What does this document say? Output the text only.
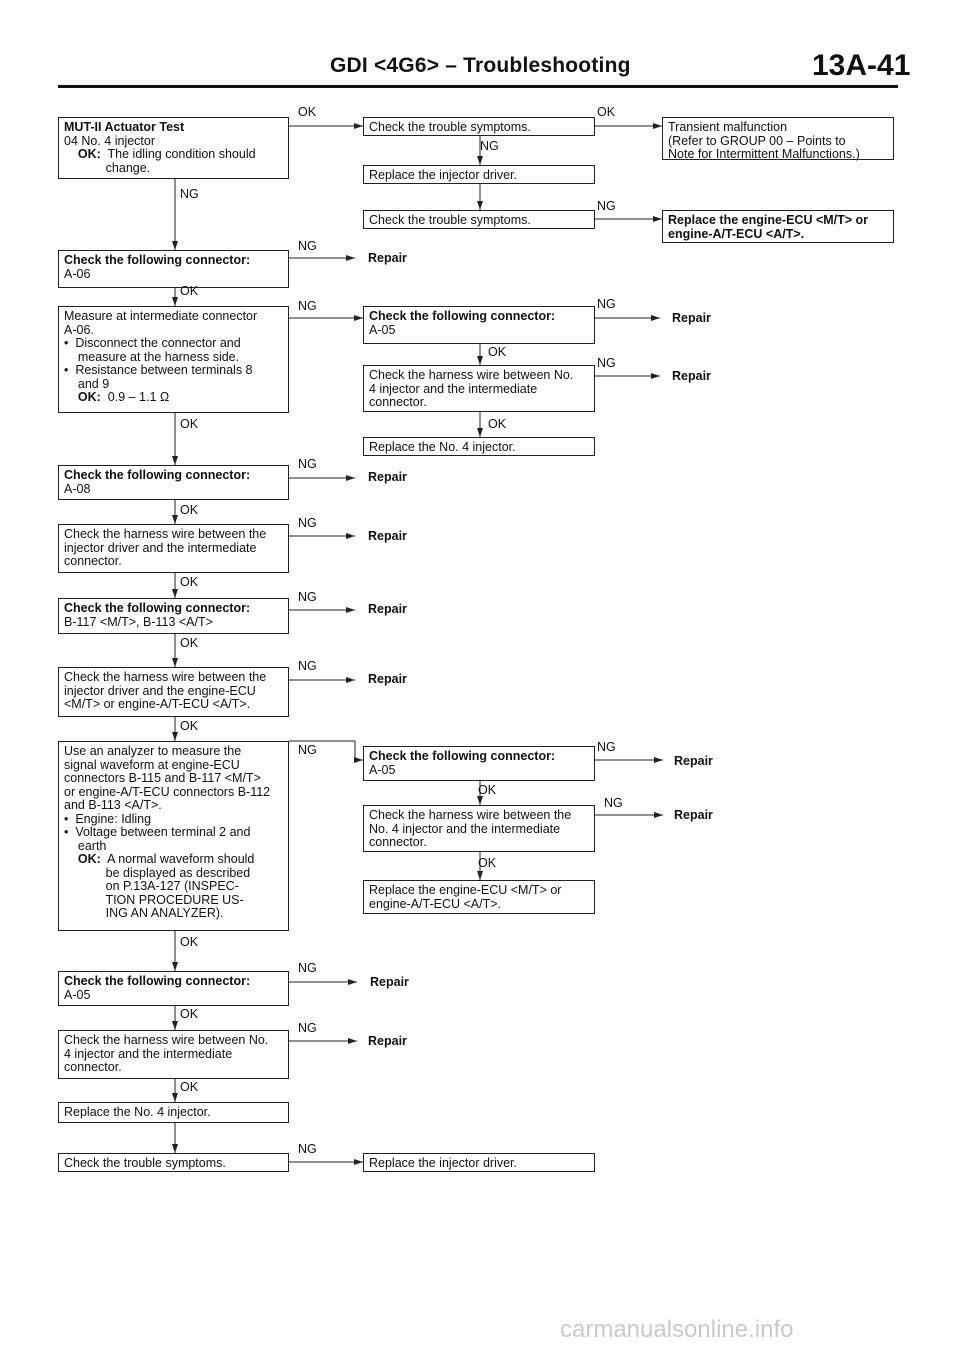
GDI <4G6> – Troubleshooting	13A-41
MUT-II Actuator Test
04 No. 4 injector
OK:  The idling condition should
change.
Check the trouble symptoms.	Transient malfunction
(Refer to GROUP 00 – Points to
Note for Intermittent Malfunctions.)
Replace the injector driver.
Check the trouble symptoms.	Replace the engine-ECU <M/T> or
engine-A/T-ECU <A/T>.
Check the following connector:
A-06
Measure at intermediate connector
A-06.
•  Disconnect the connector and
measure at the harness side.
•  Resistance between terminals 8
and 9
OK:  0.9 – 1.1 Ω
Check the following connector:
A-05
Check the harness wire between No.
4 injector and the intermediate
connector.
Replace the No. 4 injector.
Check the following connector:
A-08
Check the harness wire between the
injector driver and the intermediate
connector.
Check the following connector:
B-117 <M/T>, B-113 <A/T>
Check the harness wire between the
injector driver and the engine-ECU
<M/T> or engine-A/T-ECU <A/T>.
Use an analyzer to measure the
signal waveform at engine-ECU
connectors B-115 and B-117 <M/T>
or engine-A/T-ECU connectors B-112
and B-113 <A/T>.
•  Engine: Idling
•  Voltage between terminal 2 and
earth
OK:  A normal waveform should
be displayed as described
on P.13A-127 (INSPEC-
TION PROCEDURE US-
ING AN ANALYZER).
Check the following connector:
A-05
Check the harness wire between the
No. 4 injector and the intermediate
connector.
Replace the engine-ECU <M/T> or
engine-A/T-ECU <A/T>.
Check the following connector:
A-05
Check the harness wire between No.
4 injector and the intermediate
connector.
Replace the No. 4 injector.
Check the trouble symptoms.	Replace the injector driver.
OK	OK
NG
NG
NG
NG
OK
NG	NG
OK
NG
OK	OK
NG
OK
NG
OK
NG
OK
NG
OK
NG	NG
OK
NG
OK
OK
NG
OK
NG
OK
NG
Repair
Repair
Repair
Repair
Repair
Repair
Repair
Repair
Repair
Repair
Repair
carmanualsonline.info
